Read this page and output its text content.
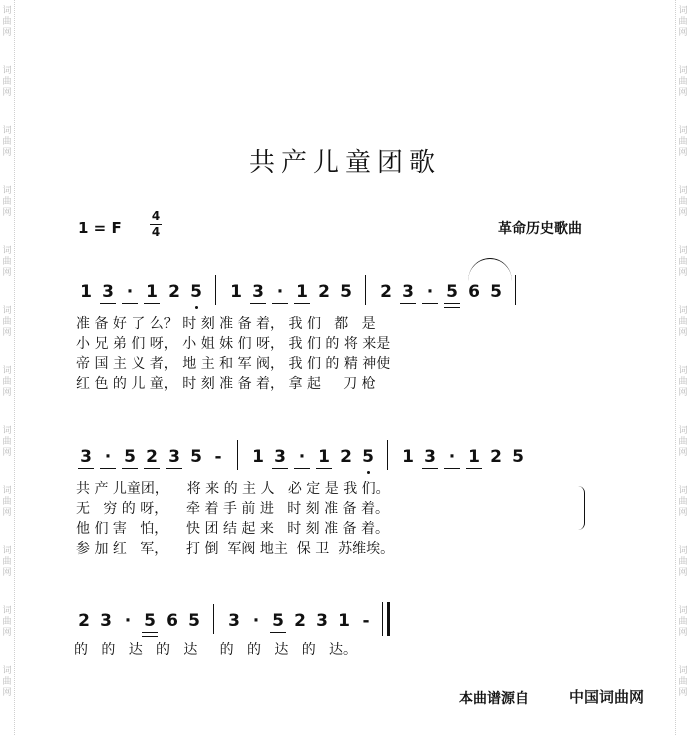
词
曲
网
词
曲
网
词
曲
网
词
曲
网
词
曲
网
词
曲
网
词
曲
网
词
曲
网
词
曲
网
词
曲
网
词
曲
网
词
曲
网
词
曲
网
词
曲
网
词
曲
网
词
曲
网
词
曲
网
词
曲
网
词
曲
网
词
曲
网
词
曲
网
词
曲
网
词
曲
网
词
曲
网
共产儿童团歌
1 = F
4
4	革命历史歌曲
1 3 · 1 2 5 1 3 · 1 2 5 2 3 · 5 6 5
准 备 好 了 么？ 时 刻 准 备 着， 我 们   都   是
小 兄 弟 们 呀， 小 姐 妹 们 呀， 我 们 的 将 来是
帝 国 主 义 者， 地 主 和 军 阀， 我 们 的 精 神使
红 色 的 儿 童， 时 刻 准 备 着， 拿 起     刀 枪
3 · 5 2 3 5 -	1 3 · 1 2 5 1 3 · 1 2 5
共 产 儿童团，    将 来 的 主 人   必 定 是 我 们。
无   穷 的 呀，    牵 着 手 前 进   时 刻 准 备 着。
他 们 害   怕，    快 团 结 起 来   时 刻 准 备 着。
参 加 红   军，    打 倒  军阀 地主  保 卫  苏维埃。
2 3 · 5 6 5 3 · 5 2 3 1 -
的   的   达   的   达     的   的   达   的   达。
本曲谱源自	中国词曲网
